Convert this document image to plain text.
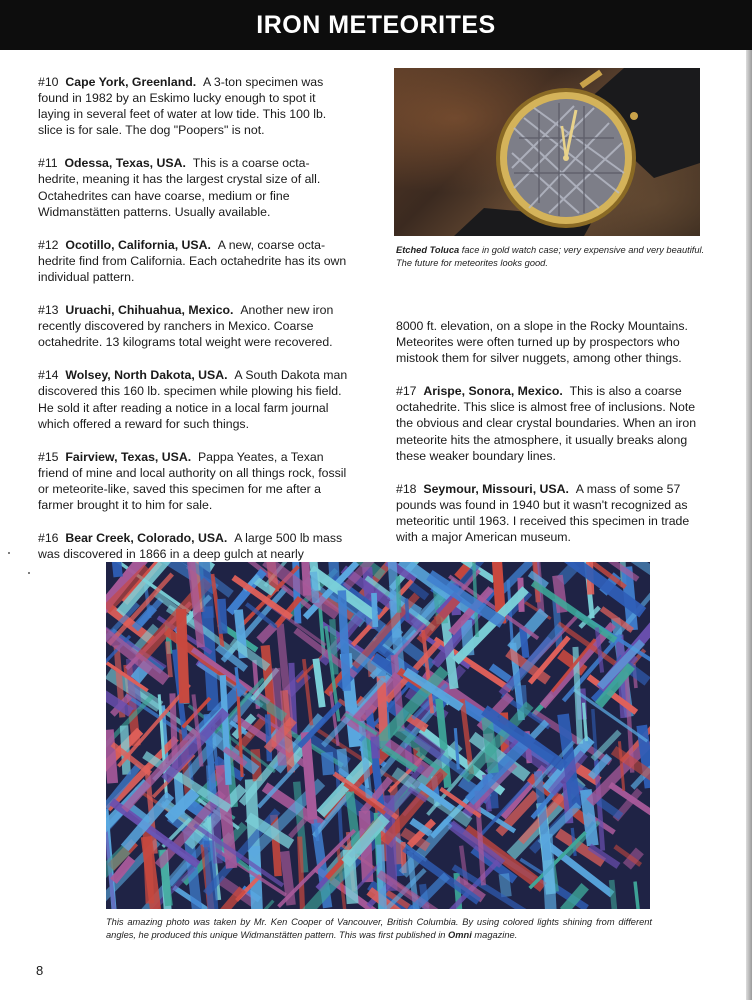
IRON METEORITES

#10 Cape York, Greenland. A 3-ton specimen was found in 1982 by an Eskimo lucky enough to spot it laying in several feet of water at low tide. This 100 lb. slice is for sale. The dog "Poopers" is not.

#11 Odessa, Texas, USA. This is a coarse octa-hedrite, meaning it has the largest crystal size of all. Octahedrites can have coarse, medium or fine Widmanstätten patterns. Usually available.

#12 Ocotillo, California, USA. A new, coarse octa-hedrite find from California. Each octahedrite has its own individual pattern.

#13 Uruachi, Chihuahua, Mexico. Another new iron recently discovered by ranchers in Mexico. Coarse octahedrite. 13 kilograms total weight were recovered.

#14 Wolsey, North Dakota, USA. A South Dakota man discovered this 160 lb. specimen while plowing his field. He sold it after reading a notice in a local farm journal which offered a reward for such things.

#15 Fairview, Texas, USA. Pappa Yeates, a Texan friend of mine and local authority on all things rock, fossil or meteorite-like, saved this specimen for me after a farmer brought it to him for sale.

#16 Bear Creek, Colorado, USA. A large 500 lb mass was discovered in 1866 in a deep gulch at nearly

Etched Toluca face in gold watch case; very expensive and very beautiful. The future for meteorites looks good.

8000 ft. elevation, on a slope in the Rocky Mountains. Meteorites were often turned up by prospectors who mistook them for silver nuggets, among other things.

#17 Arispe, Sonora, Mexico. This is also a coarse octahedrite. This slice is almost free of inclusions. Note the obvious and clear crystal boundaries. When an iron meteorite hits the atmosphere, it usually breaks along these weaker boundary lines.

#18 Seymour, Missouri, USA. A mass of some 57 pounds was found in 1940 but it wasn't recognized as meteoritic until 1963. I received this specimen in trade with a major American museum.

This amazing photo was taken by Mr. Ken Cooper of Vancouver, British Columbia. By using colored lights shining from different angles, he produced this unique Widmanstätten pattern. This was first published in Omni magazine.
8
